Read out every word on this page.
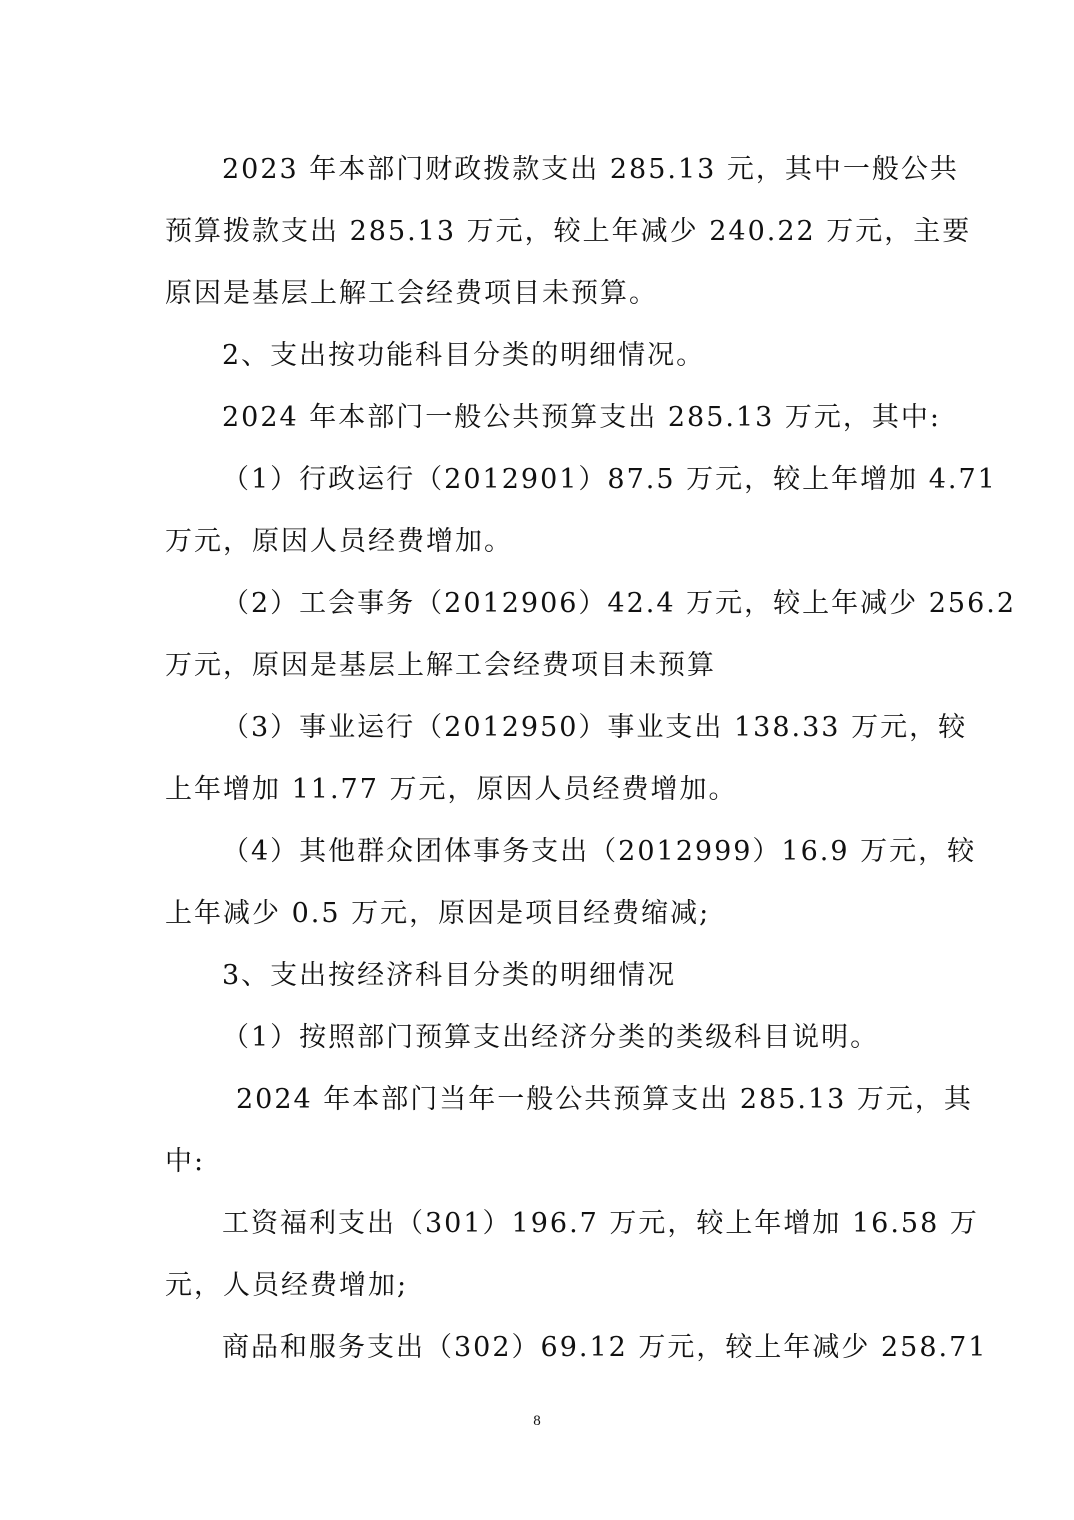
2023 年本部门财政拨款支出 285.13 元，其中一般公共
预算拨款支出 285.13 万元，较上年减少 240.22 万元，主要
原因是基层上解工会经费项目未预算。
2、支出按功能科目分类的明细情况。
2024 年本部门一般公共预算支出 285.13 万元，其中:
（1）行政运行（2012901）87.5 万元，较上年增加 4.71
万元，原因人员经费增加。
（2）工会事务（2012906）42.4 万元，较上年减少 256.2
万元，原因是基层上解工会经费项目未预算
（3）事业运行（2012950）事业支出 138.33 万元，较
上年增加 11.77 万元，原因人员经费增加。
（4）其他群众团体事务支出（2012999）16.9 万元，较
上年减少 0.5 万元，原因是项目经费缩减;
3、支出按经济科目分类的明细情况
（1）按照部门预算支出经济分类的类级科目说明。
2024 年本部门当年一般公共预算支出 285.13 万元，其
中:
工资福利支出（301）196.7 万元，较上年增加 16.58 万
元，人员经费增加;
商品和服务支出（302）69.12 万元，较上年减少 258.71
8
